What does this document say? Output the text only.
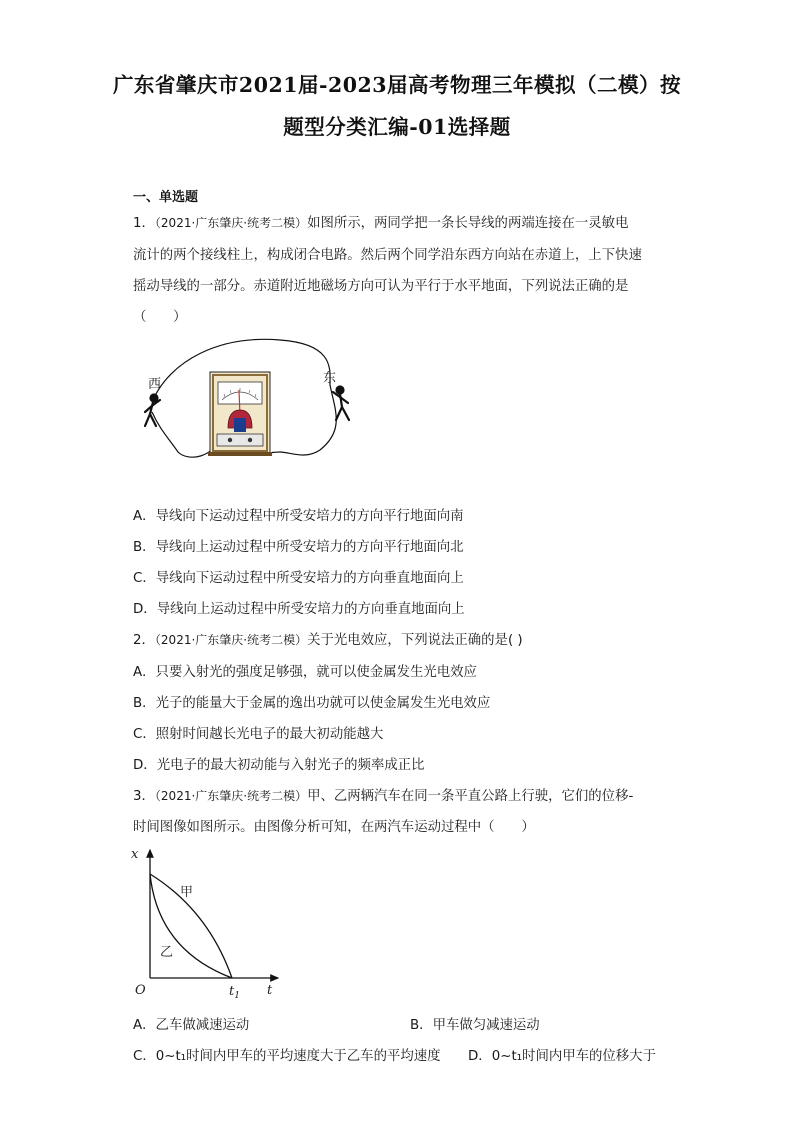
广东省肇庆市2021届-2023届高考物理三年模拟（二模）按
题型分类汇编-01选择题
一、单选题
1．（2021·广东肇庆·统考二模）如图所示，两同学把一条长导线的两端连接在一灵敏电
流计的两个接线柱上，构成闭合电路。然后两个同学沿东西方向站在赤道上，上下快速
摇动导线的一部分。赤道附近地磁场方向可认为平行于水平地面，下列说法正确的是
（　　）
西	东
A．导线向下运动过程中所受安培力的方向平行地面向南
B．导线向上运动过程中所受安培力的方向平行地面向北
C．导线向下运动过程中所受安培力的方向垂直地面向上
D．导线向上运动过程中所受安培力的方向垂直地面向上
2．（2021·广东肇庆·统考二模）关于光电效应，下列说法正确的是( )
A．只要入射光的强度足够强，就可以使金属发生光电效应
B．光子的能量大于金属的逸出功就可以使金属发生光电效应
C．照射时间越长光电子的最大初动能越大
D．光电子的最大初动能与入射光子的频率成正比
3．（2021·广东肇庆·统考二模）甲、乙两辆汽车在同一条平直公路上行驶，它们的位移-
时间图像如图所示。由图像分析可知，在两汽车运动过程中（　　）
x
t
O	$t_1$
甲
乙
A．乙车做减速运动	B．甲车做匀减速运动
C．0~t₁时间内甲车的平均速度大于乙车的平均速度 D．0~t₁时间内甲车的位移大于
